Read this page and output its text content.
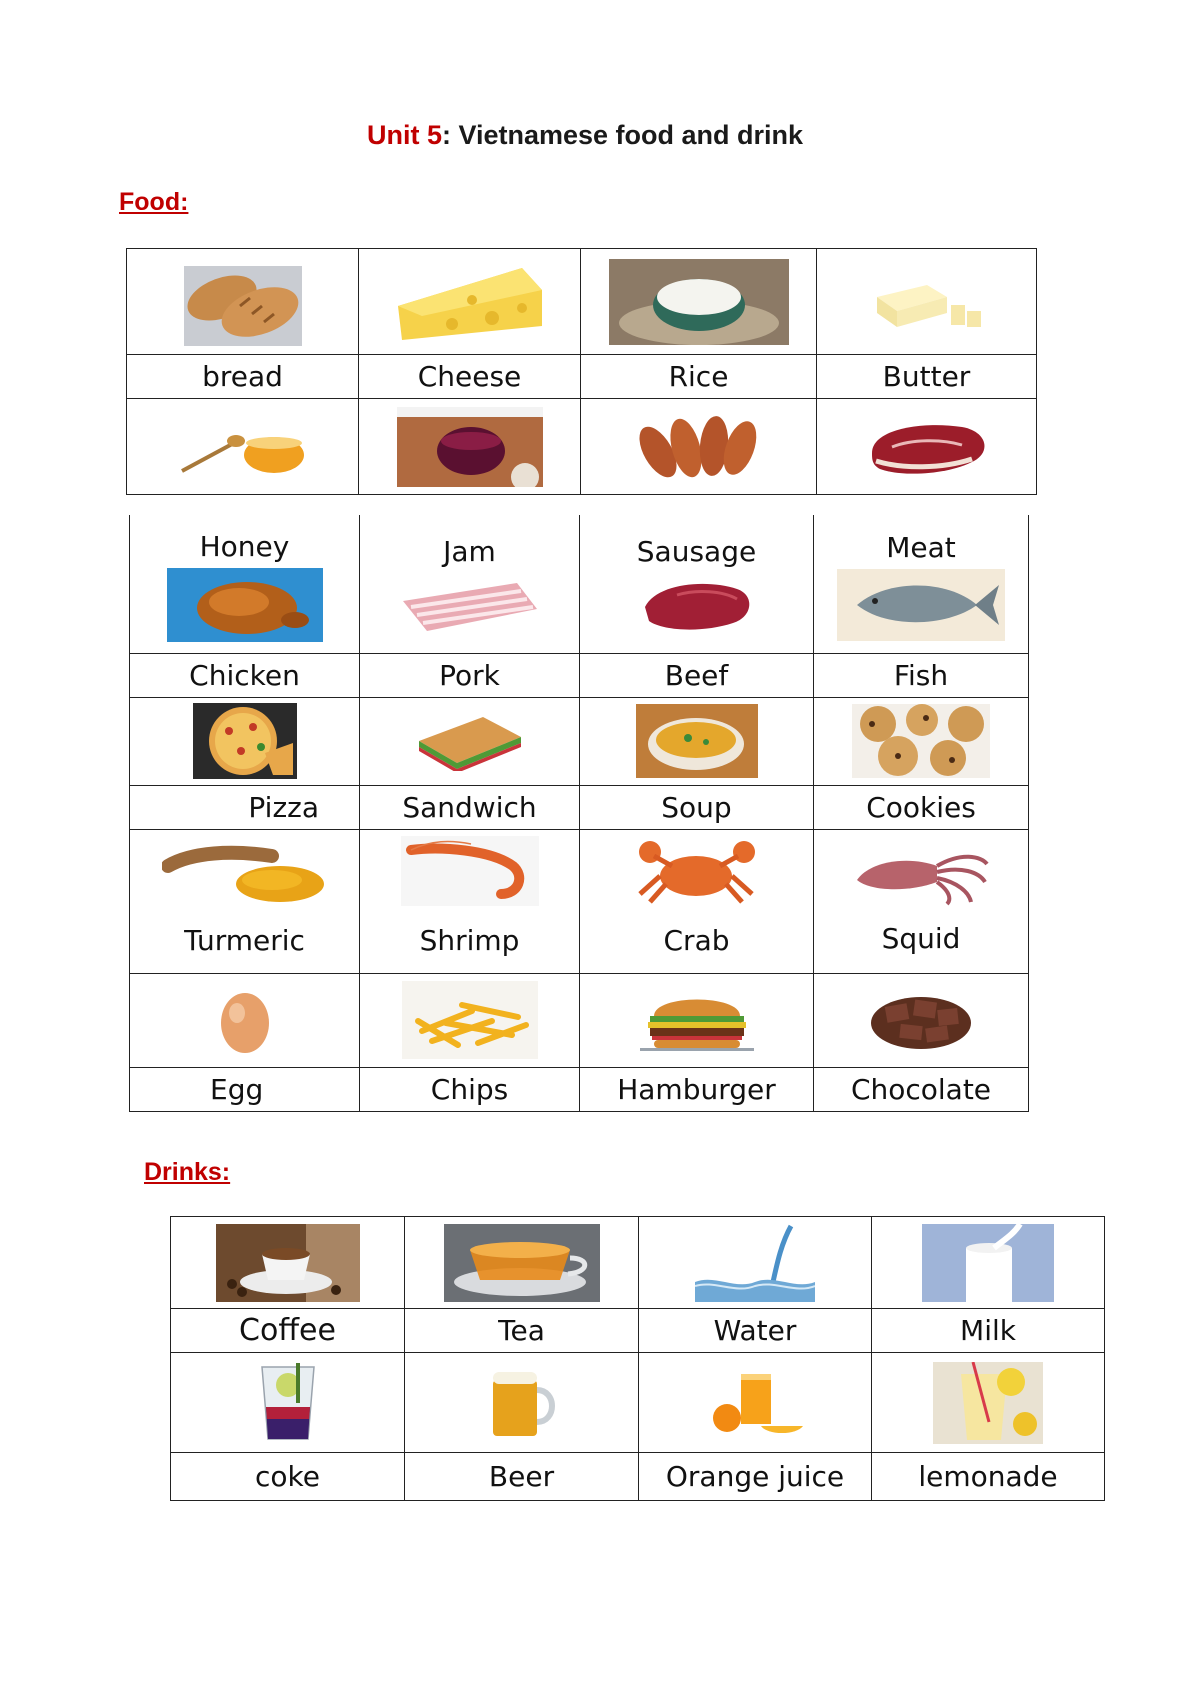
Unit 5: Vietnamese food and drink
Food:

bread	Cheese	Rice	Butter

Honey	Jam	Sausage	Meat

Chicken	Pork	Beef	Fish

Pizza	Sandwich	Soup	Cookies

Turmeric	Shrimp	Crab	Squid

Egg	Chips	Hamburger	Chocolate
Drinks:

Coffee	Tea	Water	Milk

coke	Beer	Orange juice	lemonade
